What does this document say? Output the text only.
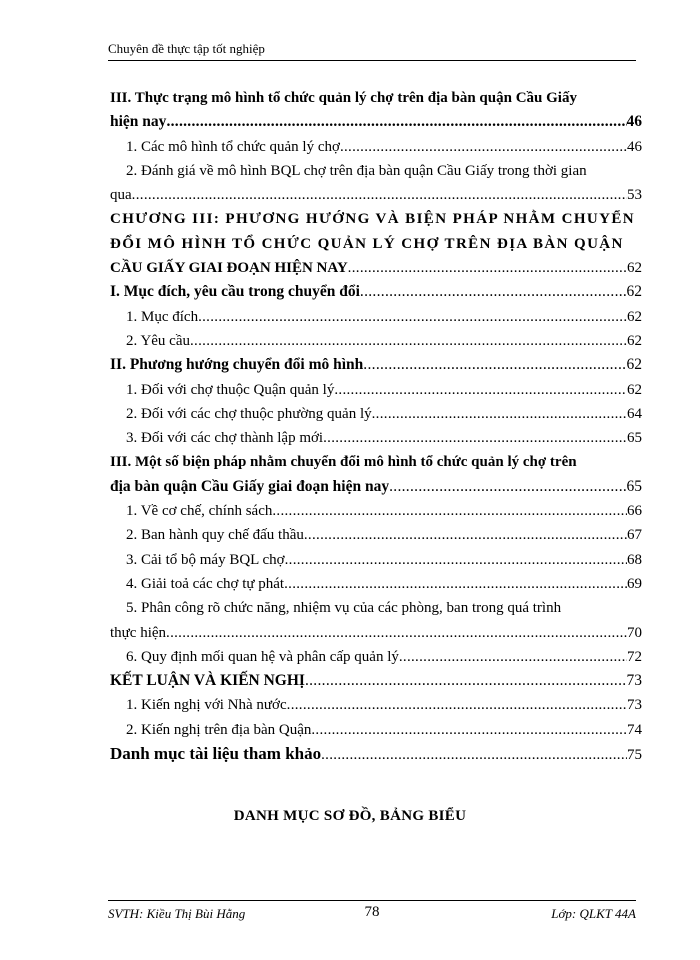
Chuyên đề thực tập tốt nghiệp
III. Thực trạng mô hình tổ chức quản lý chợ trên địa bàn quận Cầu Giấy
hiện nay .....	46
1. Các mô hình tổ chức quản lý chợ .....	46
2. Đánh giá về mô hình BQL chợ trên địa bàn quận Cầu Giấy trong thời gian
qua .....	53
CHƯƠNG III: PHƯƠNG HƯỚNG VÀ BIỆN PHÁP NHẰM CHUYỂN
ĐỔI MÔ HÌNH TỔ CHỨC QUẢN LÝ CHỢ TRÊN ĐỊA BÀN QUẬN
CẦU GIẤY GIAI ĐOẠN HIỆN NAY .....	62
I. Mục đích, yêu cầu trong chuyển đổi .....	62
1. Mục đích .....	62
2. Yêu cầu .....	62
II. Phương hướng chuyển đổi mô hình .....	62
1. Đối với chợ thuộc Quận quản lý .....	62
2. Đối với các chợ thuộc phường quản lý .....	64
3. Đối với các chợ thành lập mới .....	65
III. Một số biện pháp nhằm chuyển đổi mô hình tổ chức quản lý chợ trên
địa bàn quận Cầu Giấy giai đoạn hiện nay .....	65
1. Về cơ chế, chính sách .....	66
2. Ban hành quy chế đấu thầu .....	67
3. Cải tổ bộ máy BQL chợ .....	68
4. Giải toả các chợ tự phát .....	69
5. Phân công rõ chức năng, nhiệm vụ của các phòng, ban trong quá trình
thực hiện .....	70
6. Quy định mối quan hệ và phân cấp quản lý .....	72
KẾT LUẬN VÀ KIẾN NGHỊ .....	73
1. Kiến nghị với Nhà nước .....	73
2. Kiến nghị trên địa bàn Quận .....	74
Danh mục tài liệu tham khảo .....	75
DANH MỤC SƠ ĐỒ, BẢNG BIỂU
SVTH: Kiều Thị Bùi Hằng	78	Lớp: QLKT 44A
